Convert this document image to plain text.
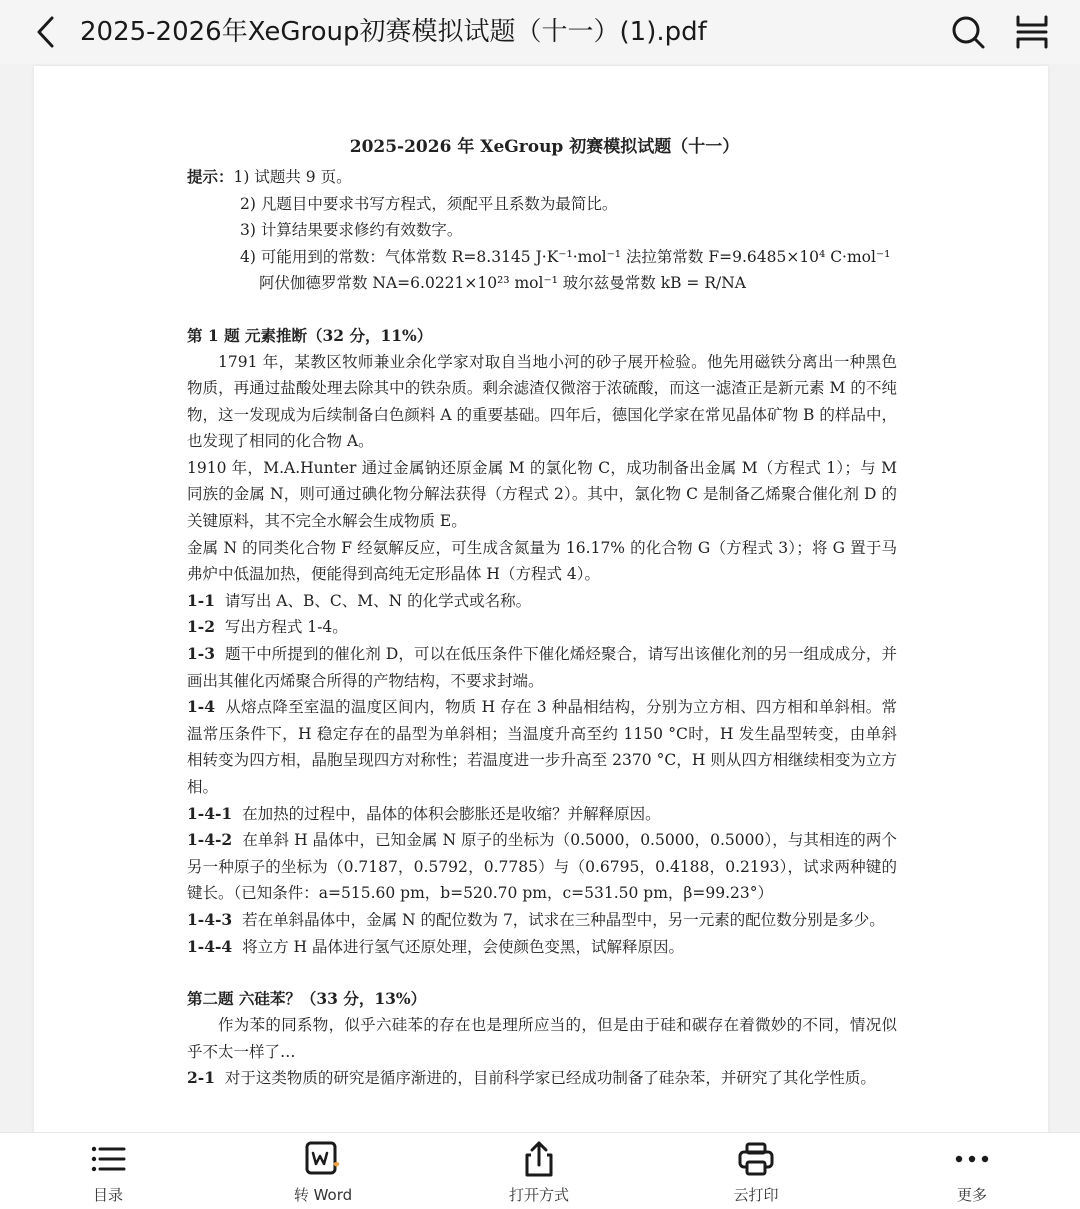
2025-2026年XeGroup初赛模拟试题（十一）(1).pdf
2025-2026 年 XeGroup 初赛模拟试题（十一）
提示：1) 试题共 9 页。
2) 凡题目中要求书写方程式，须配平且系数为最简比。
3) 计算结果要求修约有效数字。
4) 可能用到的常数：气体常数 R=8.3145 J·K⁻¹·mol⁻¹ 法拉第常数 F=9.6485×10⁴ C·mol⁻¹
阿伏伽德罗常数 NA=6.0221×10²³ mol⁻¹ 玻尔兹曼常数 kB = R/NA
第 1 题 元素推断（32 分，11%）
1791 年，某教区牧师兼业余化学家对取自当地小河的砂子展开检验。他先用磁铁分离出一种黑色物质，再通过盐酸处理去除其中的铁杂质。剩余滤渣仅微溶于浓硫酸，而这一滤渣正是新元素 M 的不纯物，这一发现成为后续制备白色颜料 A 的重要基础。四年后，德国化学家在常见晶体矿物 B 的样品中，也发现了相同的化合物 A。
1910 年，M.A.Hunter 通过金属钠还原金属 M 的氯化物 C，成功制备出金属 M（方程式 1）；与 M 同族的金属 N，则可通过碘化物分解法获得（方程式 2）。其中，氯化物 C 是制备乙烯聚合催化剂 D 的关键原料，其不完全水解会生成物质 E。
金属 N 的同类化合物 F 经氨解反应，可生成含氮量为 16.17% 的化合物 G（方程式 3）；将 G 置于马弗炉中低温加热，便能得到高纯无定形晶体 H（方程式 4）。
1-1 请写出 A、B、C、M、N 的化学式或名称。
1-2 写出方程式 1-4。
1-3 题干中所提到的催化剂 D，可以在低压条件下催化烯烃聚合，请写出该催化剂的另一组成成分，并画出其催化丙烯聚合所得的产物结构，不要求封端。
1-4 从熔点降至室温的温度区间内，物质 H 存在 3 种晶相结构，分别为立方相、四方相和单斜相。常温常压条件下，H 稳定存在的晶型为单斜相；当温度升高至约 1150 °C时，H 发生晶型转变，由单斜相转变为四方相，晶胞呈现四方对称性；若温度进一步升高至 2370 °C，H 则从四方相继续相变为立方相。
1-4-1 在加热的过程中，晶体的体积会膨胀还是收缩？并解释原因。
1-4-2 在单斜 H 晶体中，已知金属 N 原子的坐标为（0.5000，0.5000，0.5000），与其相连的两个另一种原子的坐标为（0.7187，0.5792，0.7785）与（0.6795，0.4188，0.2193），试求两种键的键长。（已知条件：a=515.60 pm，b=520.70 pm，c=531.50 pm，β=99.23°）
1-4-3 若在单斜晶体中，金属 N 的配位数为 7，试求在三种晶型中，另一元素的配位数分别是多少。
1-4-4 将立方 H 晶体进行氢气还原处理，会使颜色变黑，试解释原因。
第二题 六硅苯？（33 分，13%）
作为苯的同系物，似乎六硅苯的存在也是理所应当的，但是由于硅和碳存在着微妙的不同，情况似乎不太一样了…
2-1 对于这类物质的研究是循序渐进的，目前科学家已经成功制备了硅杂苯，并研究了其化学性质。
目录	转 Word	打开方式	云打印	更多
